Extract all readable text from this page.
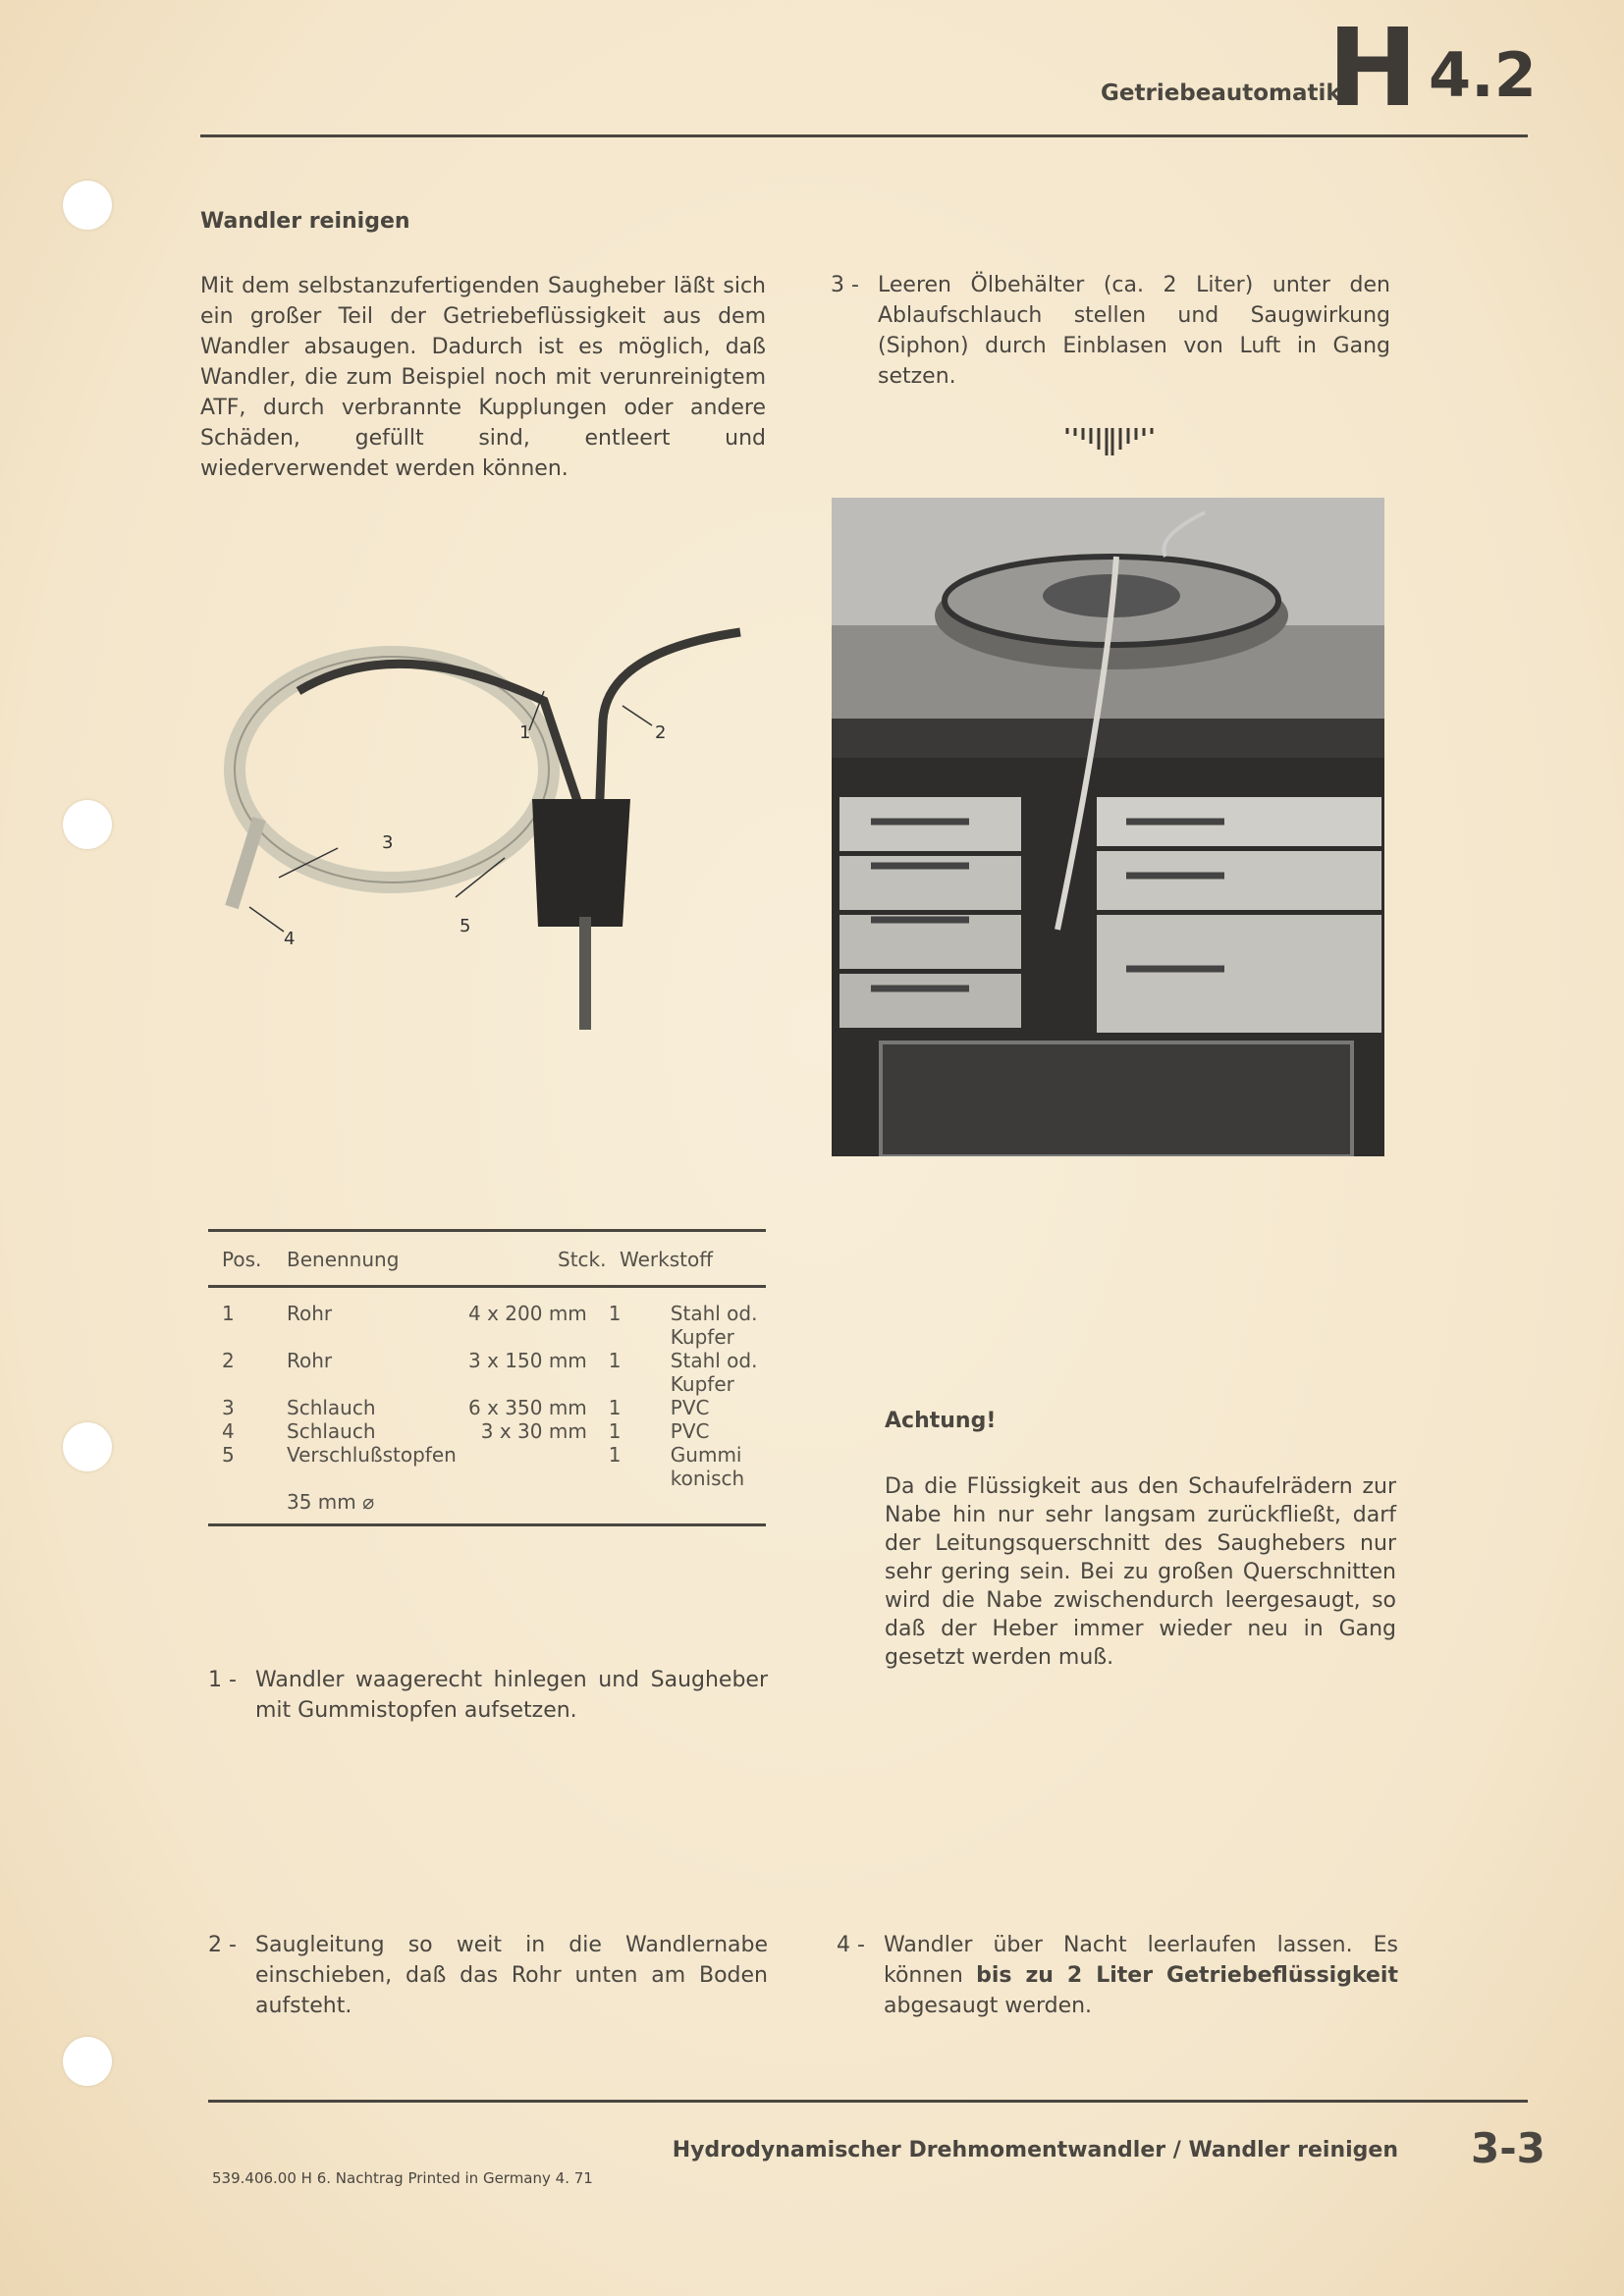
Getriebeautomatik
H 4.2
Wandler reinigen

Mit dem selbstanzufertigenden Saugheber läßt sich ein großer Teil der Getriebeflüssigkeit aus dem Wandler absaugen. Dadurch ist es möglich, daß Wandler, die zum Beispiel noch mit verunreinigtem ATF, durch verbrannte Kupplungen oder andere Schäden, gefüllt sind, entleert und wiederverwendet werden können.

3 - Leeren Ölbehälter (ca. 2 Liter) unter den Ablaufschlauch stellen und Saugwirkung (Siphon) durch Einblasen von Luft in Gang setzen.
1	2
3
4
5
Pos.	Benennung		Stck.	Werkstoff
1	Rohr	4 x 200 mm	1	Stahl od. Kupfer
2	Rohr	3 x 150 mm	1	Stahl od. Kupfer
3	Schlauch	6 x 350 mm	1	PVC
4	Schlauch	3 x 30 mm	1	PVC
5	Verschlußstopfen		1	Gummi konisch
	35 mm ⌀			
Achtung!

Da die Flüssigkeit aus den Schaufelrädern zur Nabe hin nur sehr langsam zurückfließt, darf der Leitungsquerschnitt des Saughebers nur sehr gering sein. Bei zu großen Querschnitten wird die Nabe zwischendurch leergesaugt, so daß der Heber immer wieder neu in Gang gesetzt werden muß.

1 - Wandler waagerecht hinlegen und Saugheber mit Gummistopfen aufsetzen.
2 - Saugleitung so weit in die Wandlernabe einschieben, daß das Rohr unten am Boden aufsteht.
4 - Wandler über Nacht leerlaufen lassen. Es können bis zu 2 Liter Getriebeflüssigkeit abgesaugt werden.
Hydrodynamischer Drehmomentwandler / Wandler reinigen 3-3
539.406.00 H 6. Nachtrag Printed in Germany 4. 71
